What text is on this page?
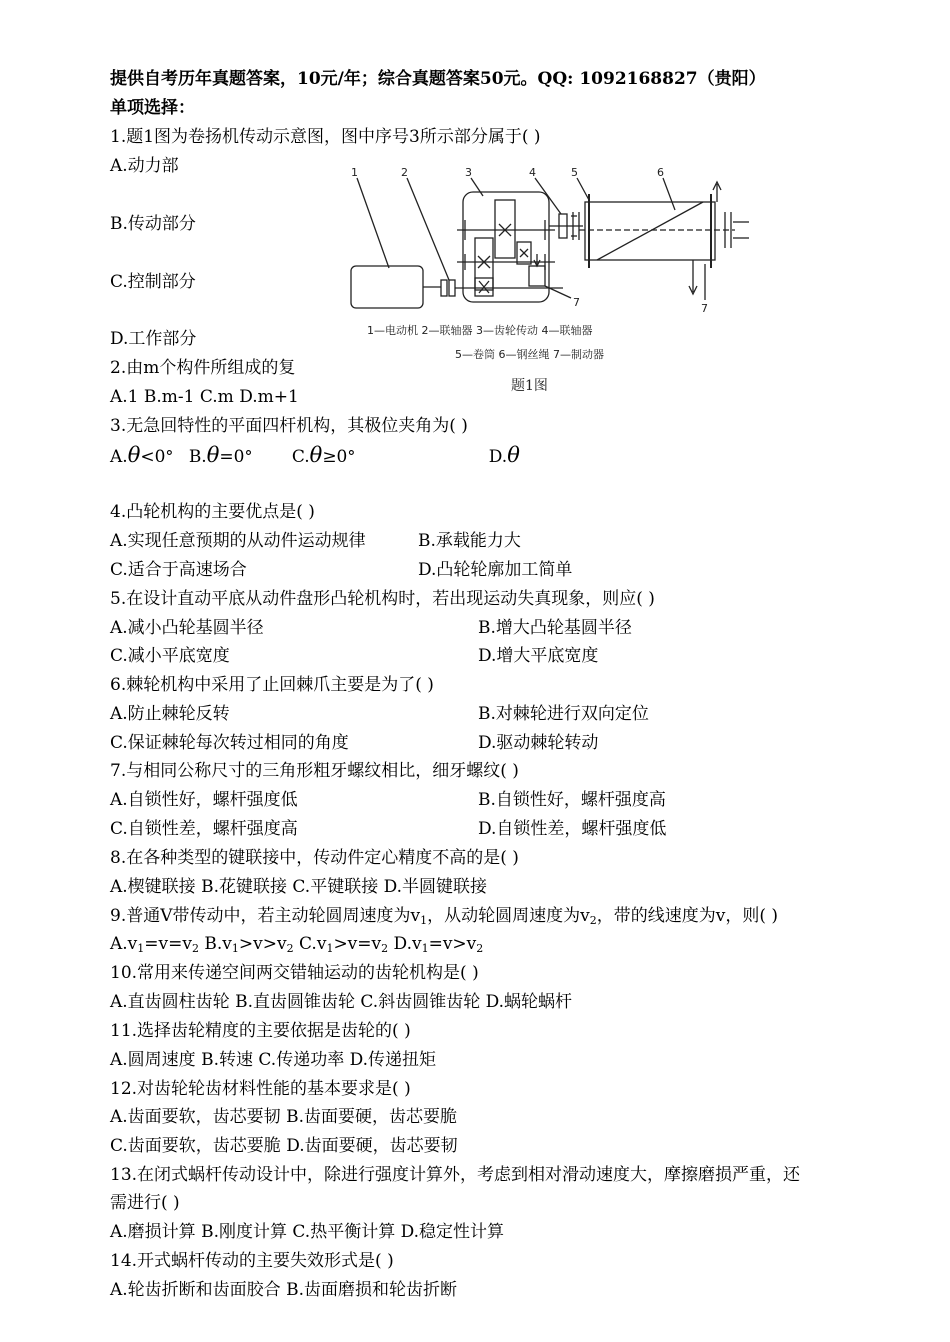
提供自考历年真题答案，10元/年；综合真题答案50元。QQ: 1092168827（贵阳）
单项选择：
1.题1图为卷扬机传动示意图，图中序号3所示部分属于( )
A.动力部
B.传动部分
C.控制部分
D.工作部分
2.由m个构件所组成的复
A.1 B.m-1 C.m D.m+1
3.无急回特性的平面四杆机构，其极位夹角为( )
A.θ<0° B.θ=0° C.θ≥0°	D.θ
4.凸轮机构的主要优点是( )
A.实现任意预期的从动件运动规律	B.承载能力大
C.适合于高速场合	D.凸轮轮廓加工简单
5.在设计直动平底从动件盘形凸轮机构时，若出现运动失真现象，则应( )
A.减小凸轮基圆半径	B.增大凸轮基圆半径
C.减小平底宽度	D.增大平底宽度
6.棘轮机构中采用了止回棘爪主要是为了( )
A.防止棘轮反转	B.对棘轮进行双向定位
C.保证棘轮每次转过相同的角度	D.驱动棘轮转动
7.与相同公称尺寸的三角形粗牙螺纹相比，细牙螺纹( )
A.自锁性好，螺杆强度低	B.自锁性好，螺杆强度高
C.自锁性差，螺杆强度高	D.自锁性差，螺杆强度低
8.在各种类型的键联接中，传动件定心精度不高的是( )
A.楔键联接 B.花键联接 C.平键联接 D.半圆键联接
9.普通V带传动中，若主动轮圆周速度为$v_1$，从动轮圆周速度为$v_2$，带的线速度为v，则( )
$A.v_1=v=v_2$ $B.v_1>v>v_2$ $C.v_1>v=v_2$ $D.v_1=v>v_2$
10.常用来传递空间两交错轴运动的齿轮机构是( )
A.直齿圆柱齿轮 B.直齿圆锥齿轮 C.斜齿圆锥齿轮 D.蜗轮蜗杆
11.选择齿轮精度的主要依据是齿轮的( )
A.圆周速度 B.转速 C.传递功率 D.传递扭矩
12.对齿轮轮齿材料性能的基本要求是( )
A.齿面要软，齿芯要韧 B.齿面要硬，齿芯要脆
C.齿面要软，齿芯要脆 D.齿面要硬，齿芯要韧
13.在闭式蜗杆传动设计中，除进行强度计算外，考虑到相对滑动速度大，摩擦磨损严重，还
需进行( )
A.磨损计算 B.刚度计算 C.热平衡计算 D.稳定性计算
14.开式蜗杆传动的主要失效形式是( )
A.轮齿折断和齿面胶合 B.齿面磨损和轮齿折断
1	2	3	4	5	6
7	7
1—电动机 2—联轴器 3—齿轮传动 4—联轴器
5—卷筒 6—钢丝绳 7—制动器
题1图
